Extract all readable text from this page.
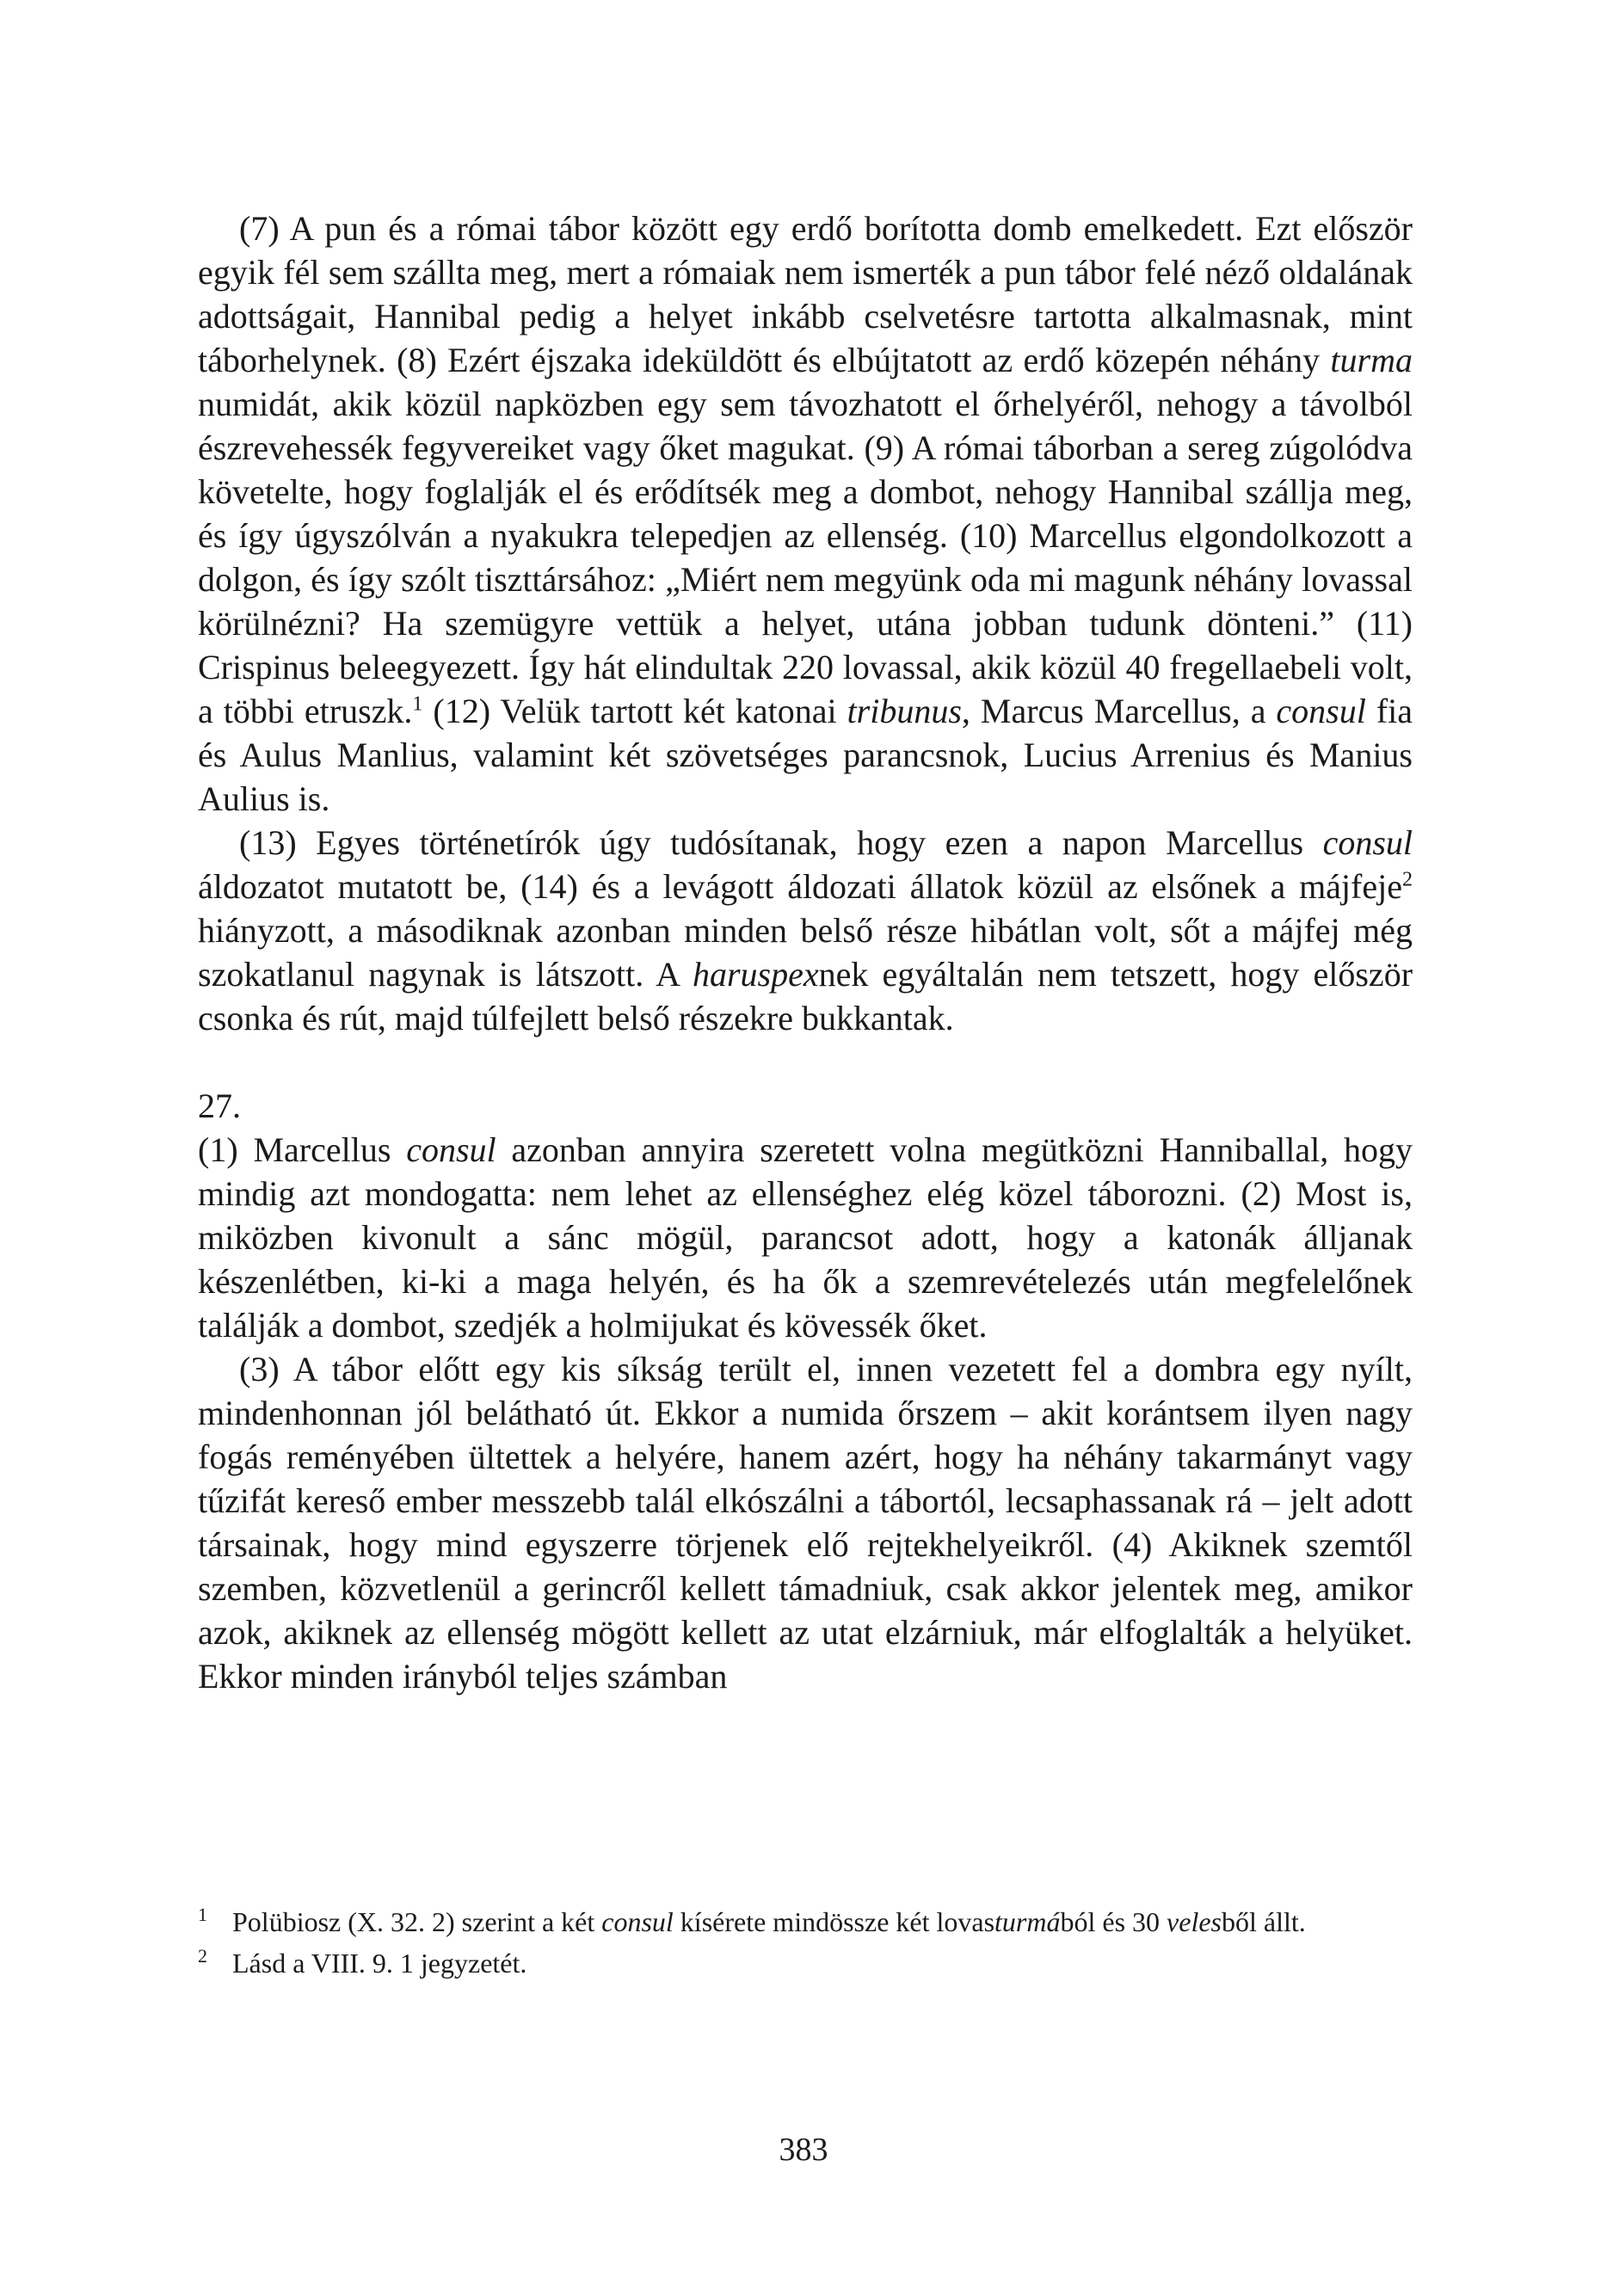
(7) A pun és a római tábor között egy erdő borította domb emelkedett. Ezt először egyik fél sem szállta meg, mert a rómaiak nem ismerték a pun tábor felé néző oldalának adottságait, Hannibal pedig a helyet inkább cselvetésre tartotta alkalmasnak, mint táborhelynek. (8) Ezért éjszaka ideküldött és elbújtatott az erdő közepén néhány turma numidát, akik közül napközben egy sem távozhatott el őrhelyéről, nehogy a távolból észrevehessék fegyvereiket vagy őket magukat. (9) A római táborban a sereg zúgolódva követelte, hogy foglalják el és erődítsék meg a dombot, nehogy Hannibal szállja meg, és így úgyszólván a nyakukra telepedjen az ellenség. (10) Marcellus elgondolkozott a dolgon, és így szólt tiszttársához: „Miért nem megyünk oda mi magunk néhány lovassal körülnézni? Ha szemügyre vettük a helyet, utána jobban tudunk dönteni.” (11) Crispinus beleegyezett. Így hát elindultak 220 lovassal, akik közül 40 fregellaebeli volt, a többi etruszk.$^1$ (12) Velük tartott két katonai tribunus, Marcus Marcellus, a consul fia és Aulus Manlius, valamint két szövetséges parancsnok, Lucius Arrenius és Manius Aulius is.

(13) Egyes történetírók úgy tudósítanak, hogy ezen a napon Marcellus consul áldozatot mutatott be, (14) és a levágott áldozati állatok közül az elsőnek a májfeje$^2$ hiányzott, a másodiknak azonban minden belső része hibátlan volt, sőt a májfej még szokatlanul nagynak is látszott. A haruspexnek egyáltalán nem tetszett, hogy először csonka és rút, majd túlfejlett belső részekre bukkantak.

27.

(1) Marcellus consul azonban annyira szeretett volna megütközni Hanniballal, hogy mindig azt mondogatta: nem lehet az ellenséghez elég közel táborozni. (2) Most is, miközben kivonult a sánc mögül, parancsot adott, hogy a katonák álljanak készenlétben, ki-ki a maga helyén, és ha ők a szemrevételezés után megfelelőnek találják a dombot, szedjék a holmijukat és kövessék őket.

(3) A tábor előtt egy kis síkság terült el, innen vezetett fel a dombra egy nyílt, mindenhonnan jól belátható út. Ekkor a numida őrszem – akit korántsem ilyen nagy fogás reményében ültettek a helyére, hanem azért, hogy ha néhány takarmányt vagy tűzifát kereső ember messzebb talál elkószálni a tábortól, lecsaphassanak rá – jelt adott társainak, hogy mind egyszerre törjenek elő rejtekhelyeikről. (4) Akiknek szemtől szemben, közvetlenül a gerincről kellett támadniuk, csak akkor jelentek meg, amikor azok, akiknek az ellenség mögött kellett az utat elzárniuk, már elfoglalták a helyüket. Ekkor minden irányból teljes számban

1 Polübiosz (X. 32. 2) szerint a két consul kísérete mindössze két lovasturmából és 30 velesből állt.

2 Lásd a VIII. 9. 1 jegyzetét.

383
